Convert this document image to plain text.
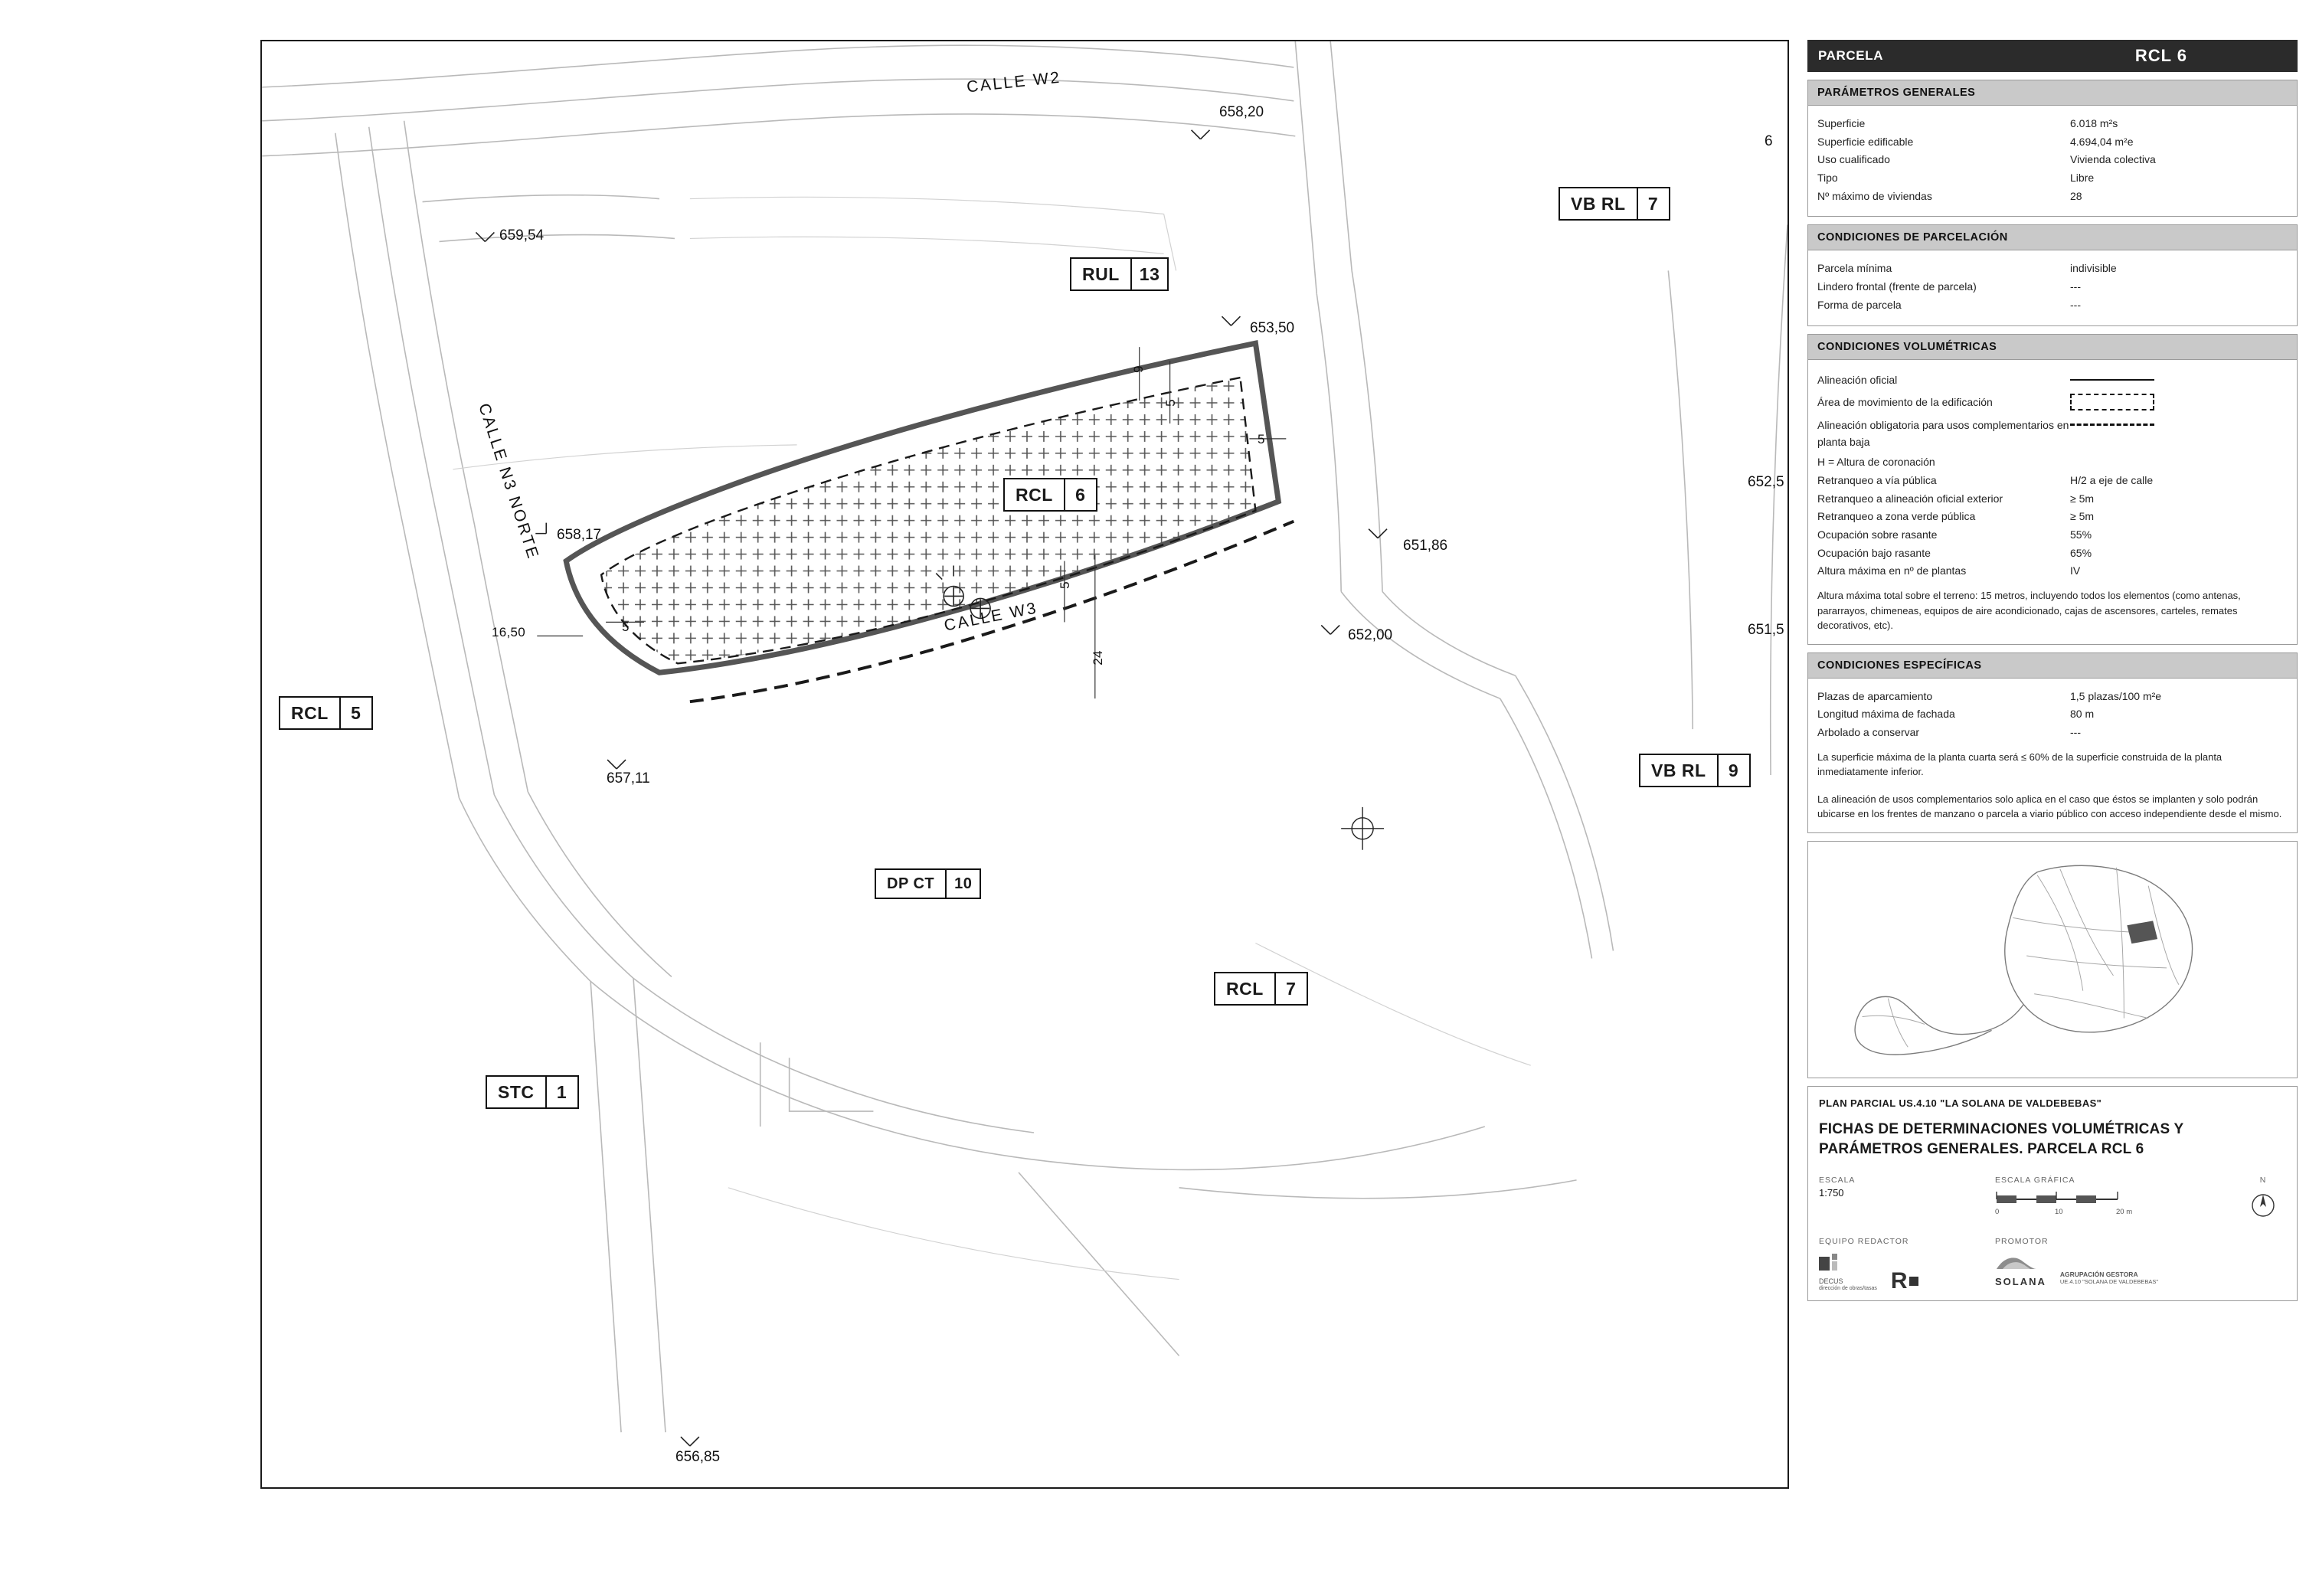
CALLE W2
CALLE N3 NORTE
CALLE W3
658,20
659,54
653,50
658,17
651,86
652,00
657,11
656,85
652,5
651,5
6
9
5
5
5
5
24
16,50
VB RL	7
RUL	13
RCL	6
RCL	5
VB RL	9
DP CT	10
RCL	7
STC	1
PARCELA	RCL 6
PARÁMETROS GENERALES
Superficie	6.018 m²s
Superficie edificable	4.694,04 m²e
Uso cualificado	Vivienda colectiva
Tipo	Libre
Nº máximo de viviendas	28
CONDICIONES DE PARCELACIÓN
Parcela mínima	indivisible
Lindero frontal (frente de parcela)	---
Forma de parcela	---
CONDICIONES VOLUMÉTRICAS
Alineación oficial
Área de movimiento de la edificación
Alineación obligatoria para usos complementarios en planta baja
H = Altura de coronación
Retranqueo a vía pública	H/2 a eje de calle
Retranqueo a alineación oficial exterior	≥ 5m
Retranqueo a zona verde pública	≥ 5m
Ocupación sobre rasante	55%
Ocupación bajo rasante	65%
Altura máxima en nº de plantas	IV
Altura máxima total sobre el terreno: 15 metros, incluyendo todos los elementos (como antenas, pararrayos, chimeneas, equipos de aire acondicionado, cajas de ascensores, carteles, remates decorativos, etc).
CONDICIONES ESPECÍFICAS
Plazas de aparcamiento	1,5 plazas/100 m²e
Longitud máxima de fachada	80 m
Arbolado a conservar	---
La superficie máxima de la planta cuarta será ≤ 60% de la superficie construida de la planta inmediatamente inferior.
La alineación de usos complementarios solo aplica en el caso que éstos se implanten y solo podrán ubicarse en los frentes de manzano o parcela a viario público con acceso independiente desde el mismo.
PLAN PARCIAL US.4.10 "LA SOLANA DE VALDEBEBAS"
FICHAS DE DETERMINACIONES VOLUMÉTRICAS Y PARÁMETROS GENERALES. PARCELA RCL 6
ESCALA
1:750
ESCALA GRÁFICA
0	10	20 m
N
EQUIPO REDACTOR
DECUS
dirección de obras/tasas R
PROMOTOR
SOLANA
AGRUPACIÓN GESTORA
UE.4.10 "SOLANA DE VALDEBEBAS"
